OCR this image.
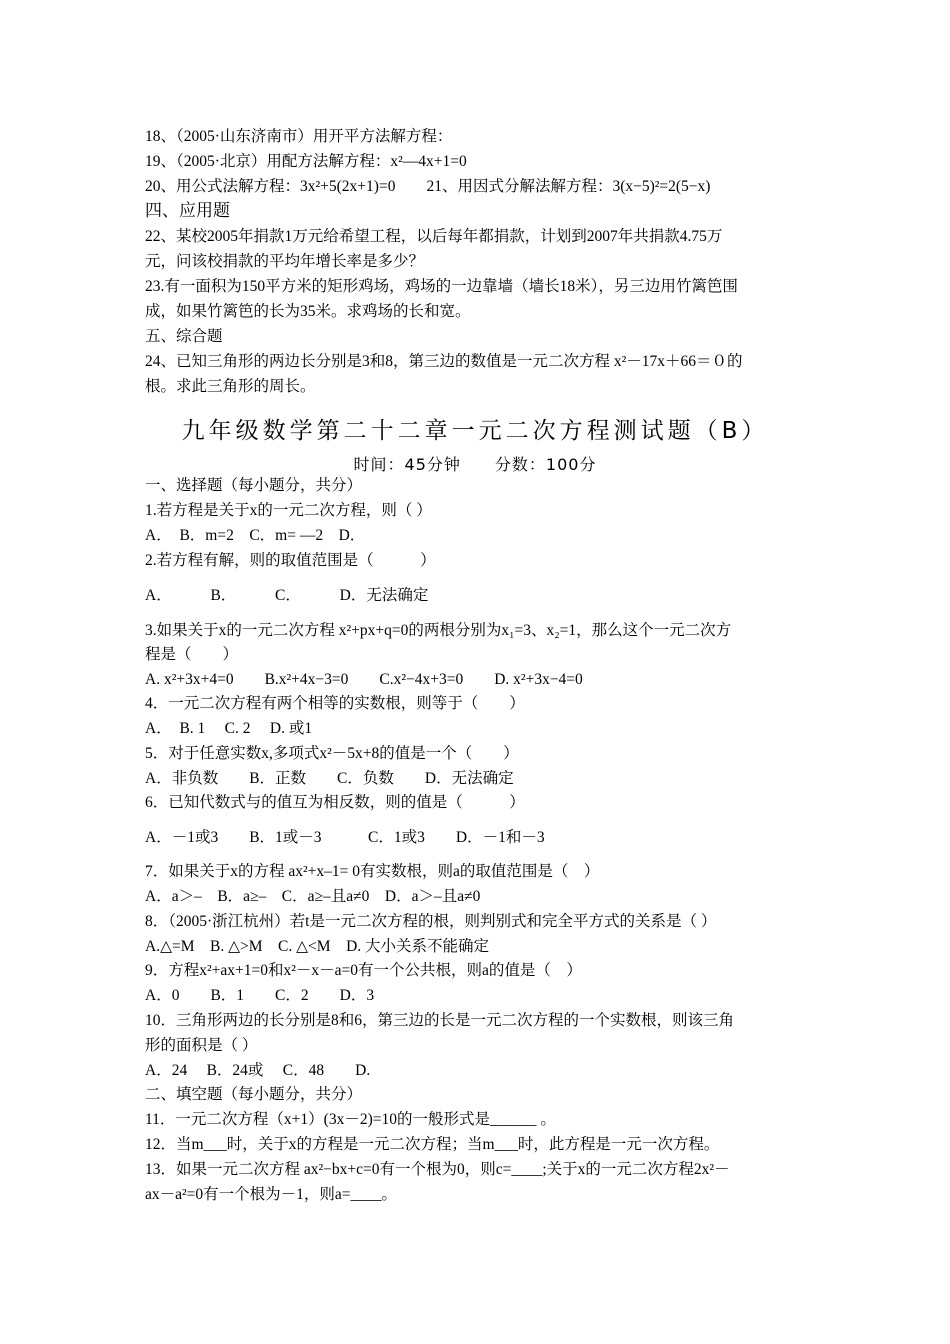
18、（2005·山东济南市）用开平方法解方程：
19、（2005·北京）用配方法解方程：x²—4x+1=0
20、用公式法解方程：3x²+5(2x+1)=0　　21、用因式分解法解方程：3(x−5)²=2(5−x)
四、应用题
22、某校2005年捐款1万元给希望工程，以后每年都捐款，计划到2007年共捐款4.75万
元，问该校捐款的平均年增长率是多少？
23.有一面积为150平方米的矩形鸡场，鸡场的一边靠墙（墙长18米），另三边用竹篱笆围
成，如果竹篱笆的长为35米。求鸡场的长和宽。
五、综合题
24、已知三角形的两边长分别是3和8，第三边的数值是一元二次方程 x²－17x＋66＝０的
根。求此三角形的周长。
九年级数学第二十二章一元二次方程测试题（B）
时间：45分钟　　分数：100分
一、选择题（每小题分，共分）
1.若方程是关于x的一元二次方程，则（ ）
A．　B．m=2　C．m= —2　D．
2.若方程有解，则的取值范围是（　　　）
A．　　　B．　　　C．　　　D．无法确定
3.如果关于x的一元二次方程 x²+px+q=0的两根分别为x₁=3、x₂=1，那么这个一元二次方
程是（　　）
A. x²+3x+4=0　　B.x²+4x−3=0　　C.x²−4x+3=0　　D. x²+3x−4=0
4．一元二次方程有两个相等的实数根，则等于（　　）
A．　B. 1　 C. 2　 D. 或1
5．对于任意实数x,多项式x²－5x+8的值是一个（　　）
A．非负数　　B．正数　　C．负数　　D．无法确定
6．已知代数式与的值互为相反数，则的值是（　　　）
A．－1或3　　B．1或－3　　　C．1或3　　D．－1和－3
7．如果关于x的方程 ax²+x–1= 0有实数根，则a的取值范围是（　）
A．a＞–　B．a≥–　C．a≥–且a≠0　D．a＞–且a≠0
8．（2005·浙江杭州）若t是一元二次方程的根，则判别式和完全平方式的关系是（ ）
A.△=M　B. △>M　C. △<M　D. 大小关系不能确定
9．方程x²+ax+1=0和x²－x－a=0有一个公共根，则a的值是（　）
A．0　　B．1　　C．2　　D．3
10．三角形两边的长分别是8和6，第三边的长是一元二次方程的一个实数根，则该三角
形的面积是（ ）
A．24　 B．24或　 C．48　　D.
二、填空题（每小题分，共分）
11．一元二次方程（x+1）(3x－2)=10的一般形式是______ 。
12．当m___时，关于x的方程是一元二次方程；当m___时，此方程是一元一次方程。
13．如果一元二次方程 ax²−bx+c=0有一个根为0，则c=____;关于x的一元二次方程2x²－
ax－a²=0有一个根为－1，则a=____。
